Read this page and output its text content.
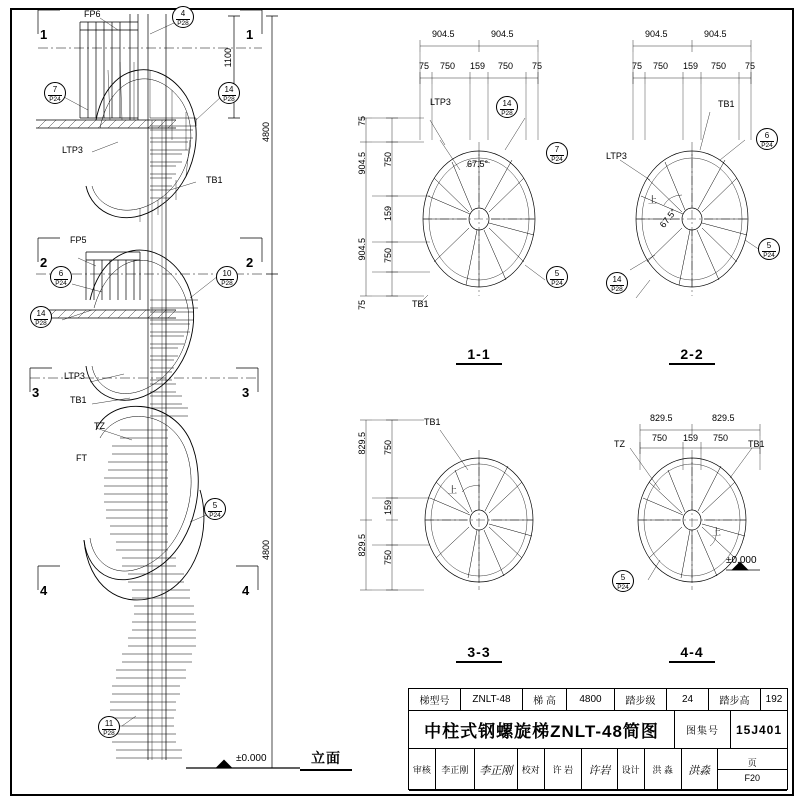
1	1
2	2
3	3
4	4
FP6
FP5
LTP3
LTP3
TB1
TB1
TZ
FT
1100
4800
4800
±0.000	立面
4
P28
7
P24
14
P28
6
P24
14
P28
10
P28
5
P24
11
P28
904.5	904.5
75 750 159 750 75
75
904.5 750
159
904.5 750
75
LTP3
TB1
67.5°
14
P28
7
P24
5
P24
1-1
904.5	904.5
75 750 159 750 75
TB1
LTP3
上
67.5°
6
P24
5
P24
14
P28
2-2
829.5 750
159
829.5
750
TB1
上
3-3
829.5	829.5
750 159 750
TZ	TB1
上
±0.000
5
P24
4-4
梯型号	ZNLT-48	梯 高	4800	踏步级	24	踏步高	192
中柱式钢螺旋梯ZNLT-48简图	图集号	15J401
审核	李正刚	李正刚	校对	许 岩	许岩	设计	洪 淼	洪淼
页
F20
